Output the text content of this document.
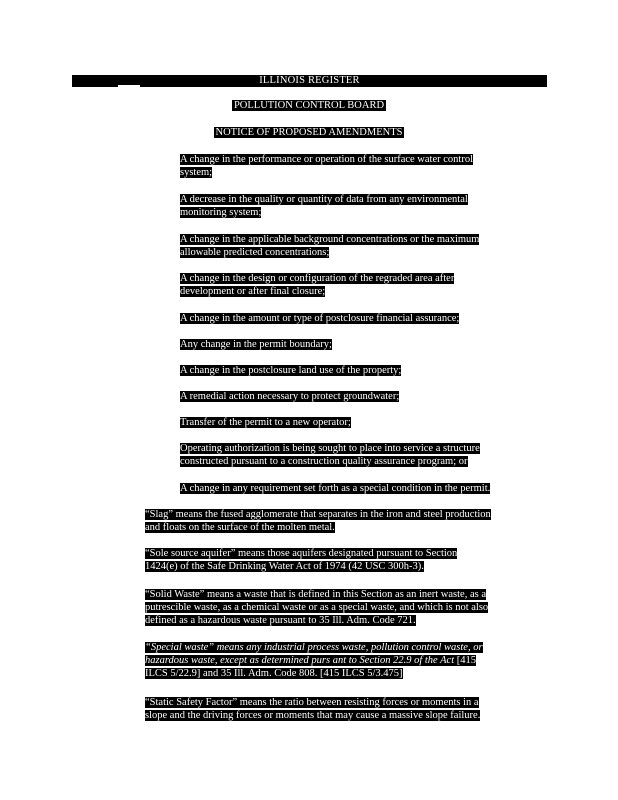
ILLINOIS REGISTER
POLLUTION CONTROL BOARD
NOTICE OF PROPOSED AMENDMENTS
A change in the performance or operation of the surface water control
system;
A decrease in the quality or quantity of data from any environmental
monitoring system;
A change in the applicable background concentrations or the maximum
allowable predicted concentrations;
A change in the design or configuration of the regraded area after
development or after final closure;
A change in the amount or type of postclosure financial assurance;
Any change in the permit boundary;
A change in the postclosure land use of the property;
A remedial action necessary to protect groundwater;
Transfer of the permit to a new operator;
Operating authorization is being sought to place into service a structure
constructed pursuant to a construction quality assurance program; or
A change in any requirement set forth as a special condition in the permit.
“Slag” means the fused agglomerate that separates in the iron and steel production
and floats on the surface of the molten metal.
“Sole source aquifer” means those aquifers designated pursuant to Section
1424(e) of the Safe Drinking Water Act of 1974 (42 USC 300h-3).
“Solid Waste” means a waste that is defined in this Section as an inert waste, as a
putrescible waste, as a chemical waste or as a special waste, and which is not also
defined as a hazardous waste pursuant to 35 Ill. Adm. Code 721.
“Special waste” means any industrial process waste, pollution control waste, or
hazardous waste, except as determined purs ant to Section 22.9 of the Act [415
ILCS 5/22.9] and 35 Ill. Adm. Code 808. [415 ILCS 5/3.475]
“Static Safety Factor” means the ratio between resisting forces or moments in a
slope and the driving forces or moments that may cause a massive slope failure.
